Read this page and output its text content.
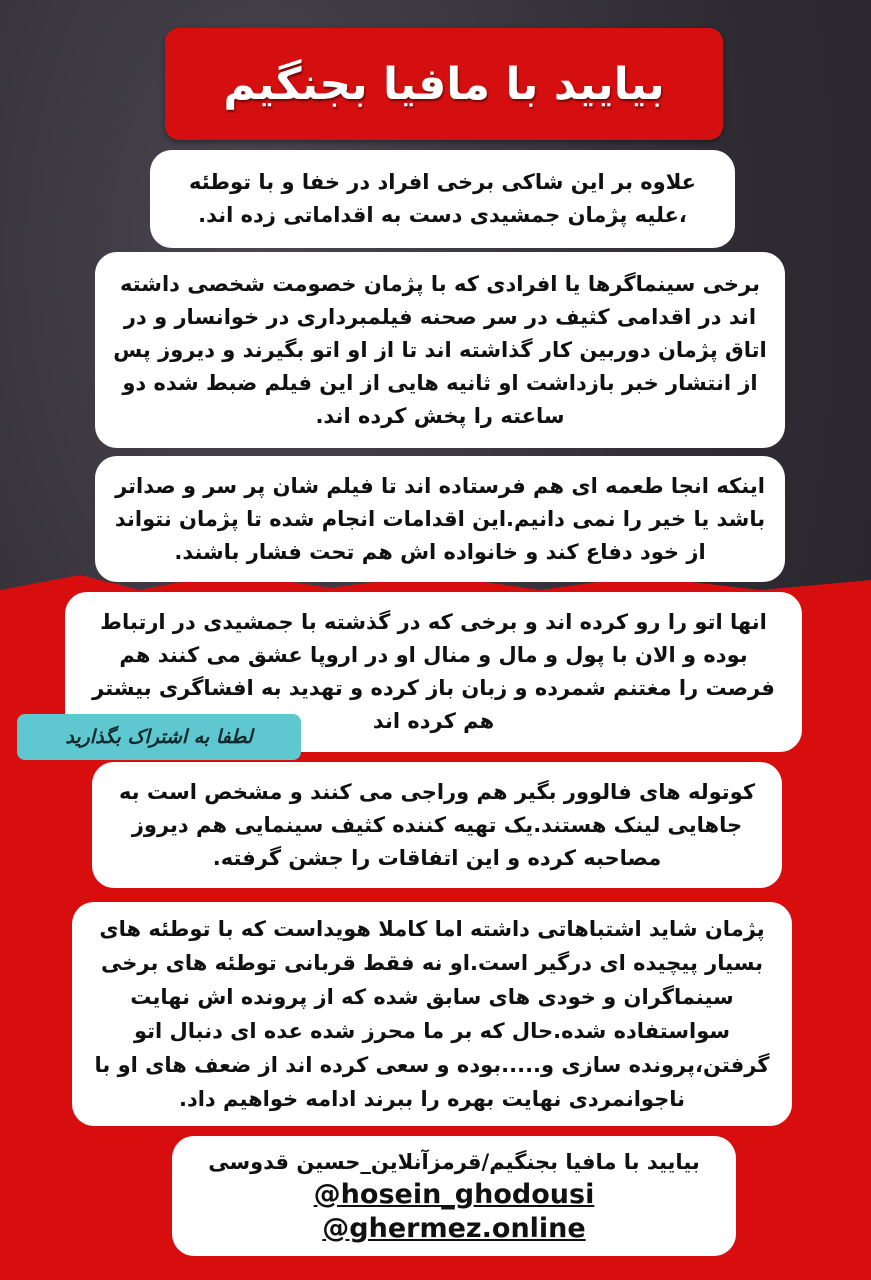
بیایید با مافیا بجنگیم
علاوه بر این شاکی برخی افراد در خفا و با توطئه ،علیه پژمان جمشیدی دست به اقداماتی زده اند.
برخی سینماگرها یا افرادی که با پژمان خصومت شخصی داشته اند در اقدامی کثیف در سر صحنه فیلمبرداری در خوانسار و در اتاق پژمان دوربین کار گذاشته اند تا از او اتو بگیرند و دیروز پس از انتشار خبر بازداشت او ثانیه هایی از این فیلم ضبط شده دو ساعته را پخش کرده اند.
اینکه انجا طعمه ای هم فرستاده اند تا فیلم شان پر سر و صداتر باشد یا خیر را نمی دانیم.این اقدامات انجام شده تا پژمان نتواند از خود دفاع کند و خانواده اش هم تحت فشار باشند.
انها اتو را رو کرده اند و برخی که در گذشته با جمشیدی در ارتباط بوده و الان با پول و مال و منال او در اروپا عشق می کنند هم فرصت را مغتنم شمرده و زبان باز کرده و تهدید به افشاگری بیشتر هم کرده اند
لطفا به اشتراک بگذارید
کوتوله های فالوور بگیر هم وراجی می کنند و مشخص است به جاهایی لینک هستند.یک تهیه کننده کثیف سینمایی هم دیروز مصاحبه کرده و این اتفاقات را جشن گرفته.
پژمان شاید اشتباهاتی داشته اما کاملا هویداست که با توطئه های بسیار پیچیده ای درگیر است.او نه فقط قربانی توطئه های برخی سینماگران و خودی های سابق شده که از پرونده اش نهایت سواستفاده شده.حال که بر ما محرز شده عده ای دنبال اتو گرفتن،پرونده سازی و.....بوده و سعی کرده اند از ضعف های او با ناجوانمردی نهایت بهره را ببرند ادامه خواهیم داد.
بیایید با مافیا بجنگیم/قرمزآنلاین_حسین قدوسی
@hosein_ghodousi
@ghermez.online
